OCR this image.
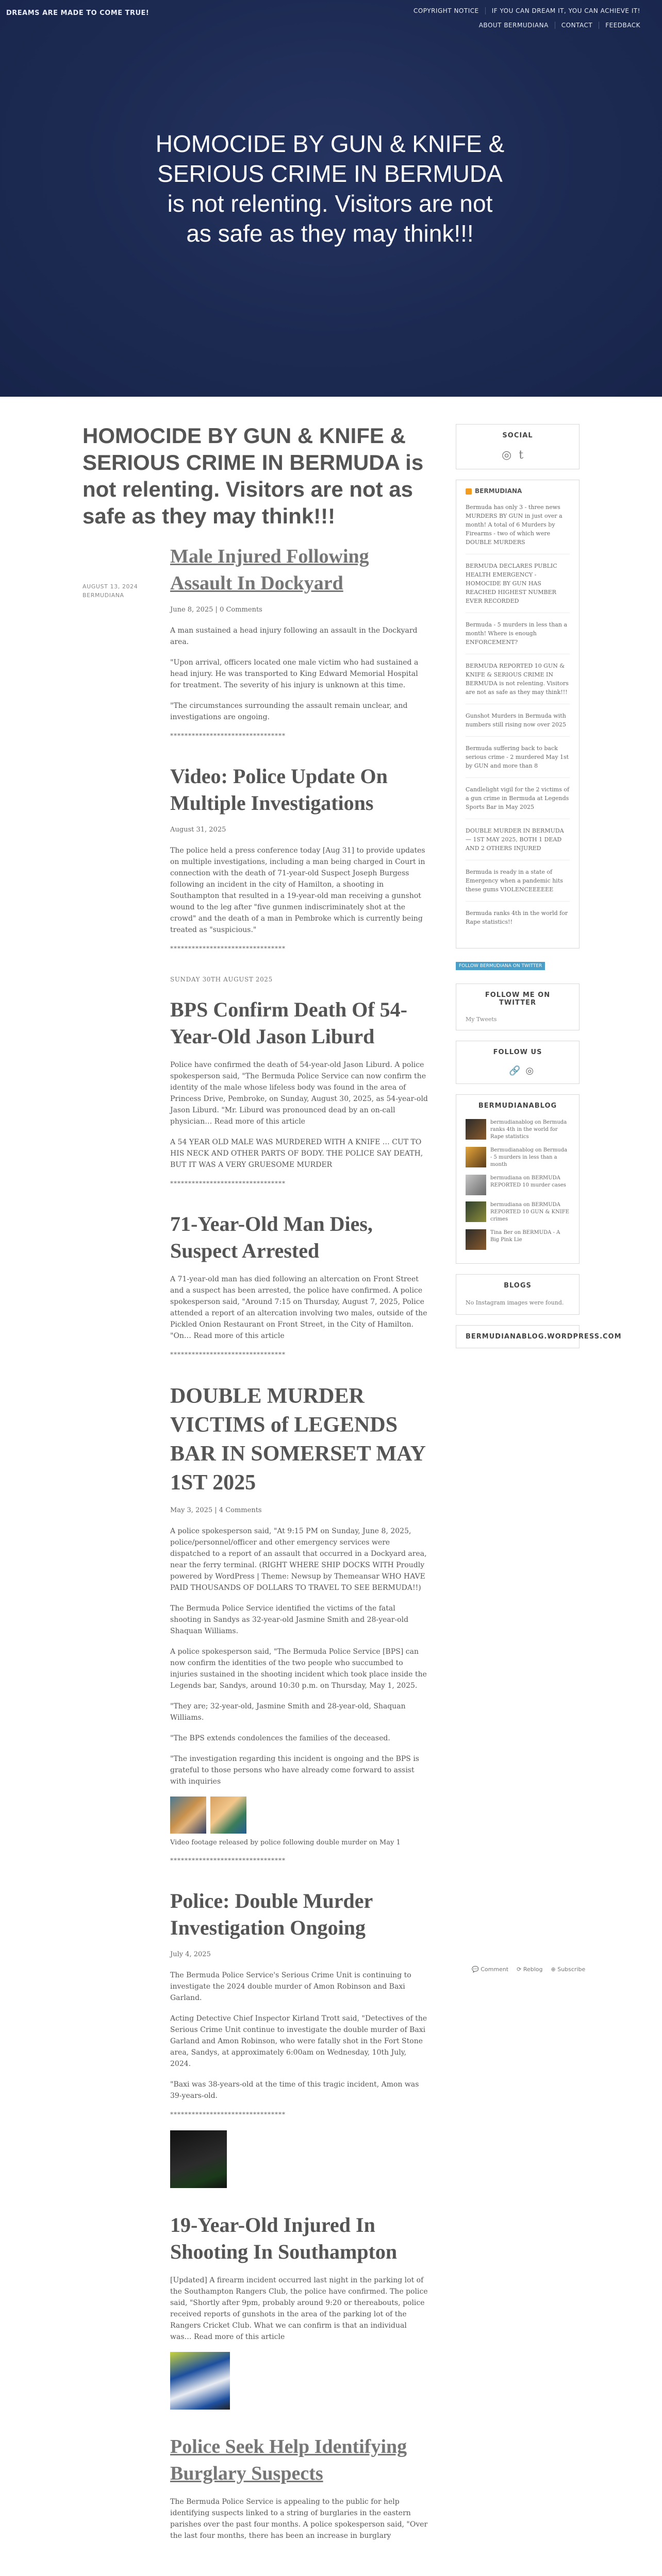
DREAMS ARE MADE TO COME TRUE!	COPYRIGHT NOTICE	IF YOU CAN DREAM IT, YOU CAN ACHIEVE IT!
ABOUT BERMUDIANA	CONTACT	FEEDBACK
HOMOCIDE BY GUN & KNIFE & SERIOUS CRIME IN BERMUDA is not relenting. Visitors are not as safe as they may think!!!
HOMOCIDE BY GUN & KNIFE & SERIOUS CRIME IN BERMUDA is not relenting. Visitors are not as safe as they may think!!!
AUGUST 13, 2024
BERMUDIANA
Male Injured Following Assault In Dockyard
June 8, 2025 | 0 Comments

A man sustained a head injury following an assault in the Dockyard area.

"Upon arrival, officers located one male victim who had sustained a head injury. He was transported to King Edward Memorial Hospital for treatment. The severity of his injury is unknown at this time.

"The circumstances surrounding the assault remain unclear, and investigations are ongoing.

********************************
Video: Police Update On Multiple Investigations
August 31, 2025

The police held a press conference today [Aug 31] to provide updates on multiple investigations, including a man being charged in Court in connection with the death of 71-year-old Suspect Joseph Burgess following an incident in the city of Hamilton, a shooting in Southampton that resulted in a 19-year-old man receiving a gunshot wound to the leg after "five gunmen indiscriminately shot at the crowd" and the death of a man in Pembroke which is currently being treated as "suspicious."

********************************
SUNDAY 30TH AUGUST 2025
BPS Confirm Death Of 54-Year-Old Jason Liburd

Police have confirmed the death of 54-year-old Jason Liburd. A police spokesperson said, "The Bermuda Police Service can now confirm the identity of the male whose lifeless body was found in the area of Princess Drive, Pembroke, on Sunday, August 30, 2025, as 54-year-old Jason Liburd. "Mr. Liburd was pronounced dead by an on-call physician… Read more of this article

A 54 YEAR OLD MALE WAS MURDERED WITH A KNIFE … CUT TO HIS NECK AND OTHER PARTS OF BODY. THE POLICE SAY DEATH, BUT IT WAS A VERY GRUESOME MURDER

********************************
71-Year-Old Man Dies, Suspect Arrested

A 71-year-old man has died following an altercation on Front Street and a suspect has been arrested, the police have confirmed. A police spokesperson said, "Around 7:15 on Thursday, August 7, 2025, Police attended a report of an altercation involving two males, outside of the Pickled Onion Restaurant on Front Street, in the City of Hamilton. "On… Read more of this article

********************************
DOUBLE MURDER VICTIMS of LEGENDS BAR IN SOMERSET MAY 1ST 2025
May 3, 2025 | 4 Comments

A police spokesperson said, "At 9:15 PM on Sunday, June 8, 2025, police/personnel/officer and other emergency services were dispatched to a report of an assault that occurred in a Dockyard area, near the ferry terminal. (RIGHT WHERE SHIP DOCKS WITH Proudly powered by WordPress | Theme: Newsup by Themeansar WHO HAVE PAID THOUSANDS OF DOLLARS TO TRAVEL TO SEE BERMUDA!!)

The Bermuda Police Service identified the victims of the fatal shooting in Sandys as 32-year-old Jasmine Smith and 28-year-old Shaquan Williams.

A police spokesperson said, "The Bermuda Police Service [BPS] can now confirm the identities of the two people who succumbed to injuries sustained in the shooting incident which took place inside the Legends bar, Sandys, around 10:30 p.m. on Thursday, May 1, 2025.

"They are; 32-year-old, Jasmine Smith and 28-year-old, Shaquan Williams.

"The BPS extends condolences the families of the deceased.

"The investigation regarding this incident is ongoing and the BPS is grateful to those persons who have already come forward to assist with inquiries

Video footage released by police following double murder on May 1
********************************
Police: Double Murder Investigation Ongoing
July 4, 2025

The Bermuda Police Service's Serious Crime Unit is continuing to investigate the 2024 double murder of Amon Robinson and Baxi Garland.

Acting Detective Chief Inspector Kirland Trott said, "Detectives of the Serious Crime Unit continue to investigate the double murder of Baxi Garland and Amon Robinson, who were fatally shot in the Fort Stone area, Sandys, at approximately 6:00am on Wednesday, 10th July, 2024.

"Baxi was 38-years-old at the time of this tragic incident, Amon was 39-years-old.

********************************
19-Year-Old Injured In Shooting In Southampton

[Updated] A firearm incident occurred last night in the parking lot of the Southampton Rangers Club, the police have confirmed. The police said, "Shortly after 9pm, probably around 9:20 or thereabouts, police received reports of gunshots in the area of the parking lot of the Rangers Cricket Club. What we can confirm is that an individual was… Read more of this article

Police Seek Help Identifying Burglary Suspects

The Bermuda Police Service is appealing to the public for help identifying suspects linked to a string of burglaries in the eastern parishes over the past four months. A police spokesperson said, "Over the last four months, there has been an increase in burglary

SOCIAL
◎ t
BERMUDIANA
Bermuda has only 3 - three news MURDERS BY GUN in just over a month! A total of 6 Murders by Firearms - two of which were DOUBLE MURDERS
BERMUDA DECLARES PUBLIC HEALTH EMERGENCY - HOMOCIDE BY GUN HAS REACHED HIGHEST NUMBER EVER RECORDED
Bermuda - 5 murders in less than a month! Where is enough ENFORCEMENT?
BERMUDA REPORTED 10 GUN & KNIFE & SERIOUS CRIME IN BERMUDA is not relenting. Visitors are not as safe as they may think!!!
Gunshot Murders in Bermuda with numbers still rising now over 2025
Bermuda suffering back to back serious crime - 2 murdered May 1st by GUN and more than 8
Candlelight vigil for the 2 victims of a gun crime in Bermuda at Legends Sports Bar in May 2025
DOUBLE MURDER IN BERMUDA — 1ST MAY 2025, BOTH 1 DEAD AND 2 OTHERS INJURED
Bermuda is ready in a state of Emergency when a pandemic hits these gums VIOLENCEEEEEE
Bermuda ranks 4th in the world for Rape statistics!!
FOLLOW BERMUDIANA ON TWITTER
FOLLOW ME ON TWITTER
My Tweets
FOLLOW US
🔗 ◎
BERMUDIANABLOG
bermudianablog on Bermuda ranks 4th in the world for Rape statistics
Bermudianablog on Bermuda - 5 murders in less than a month
bermudiana on BERMUDA REPORTED 10 murder cases
bermudiana on BERMUDA REPORTED 10 GUN & KNIFE crimes
Tina Ber on BERMUDA - A Big Pink Lie
BLOGS
No Instagram images were found.
BERMUDIANABLOG.WORDPRESS.COM
💬 Comment ⟳ Reblog ⊕ Subscribe
